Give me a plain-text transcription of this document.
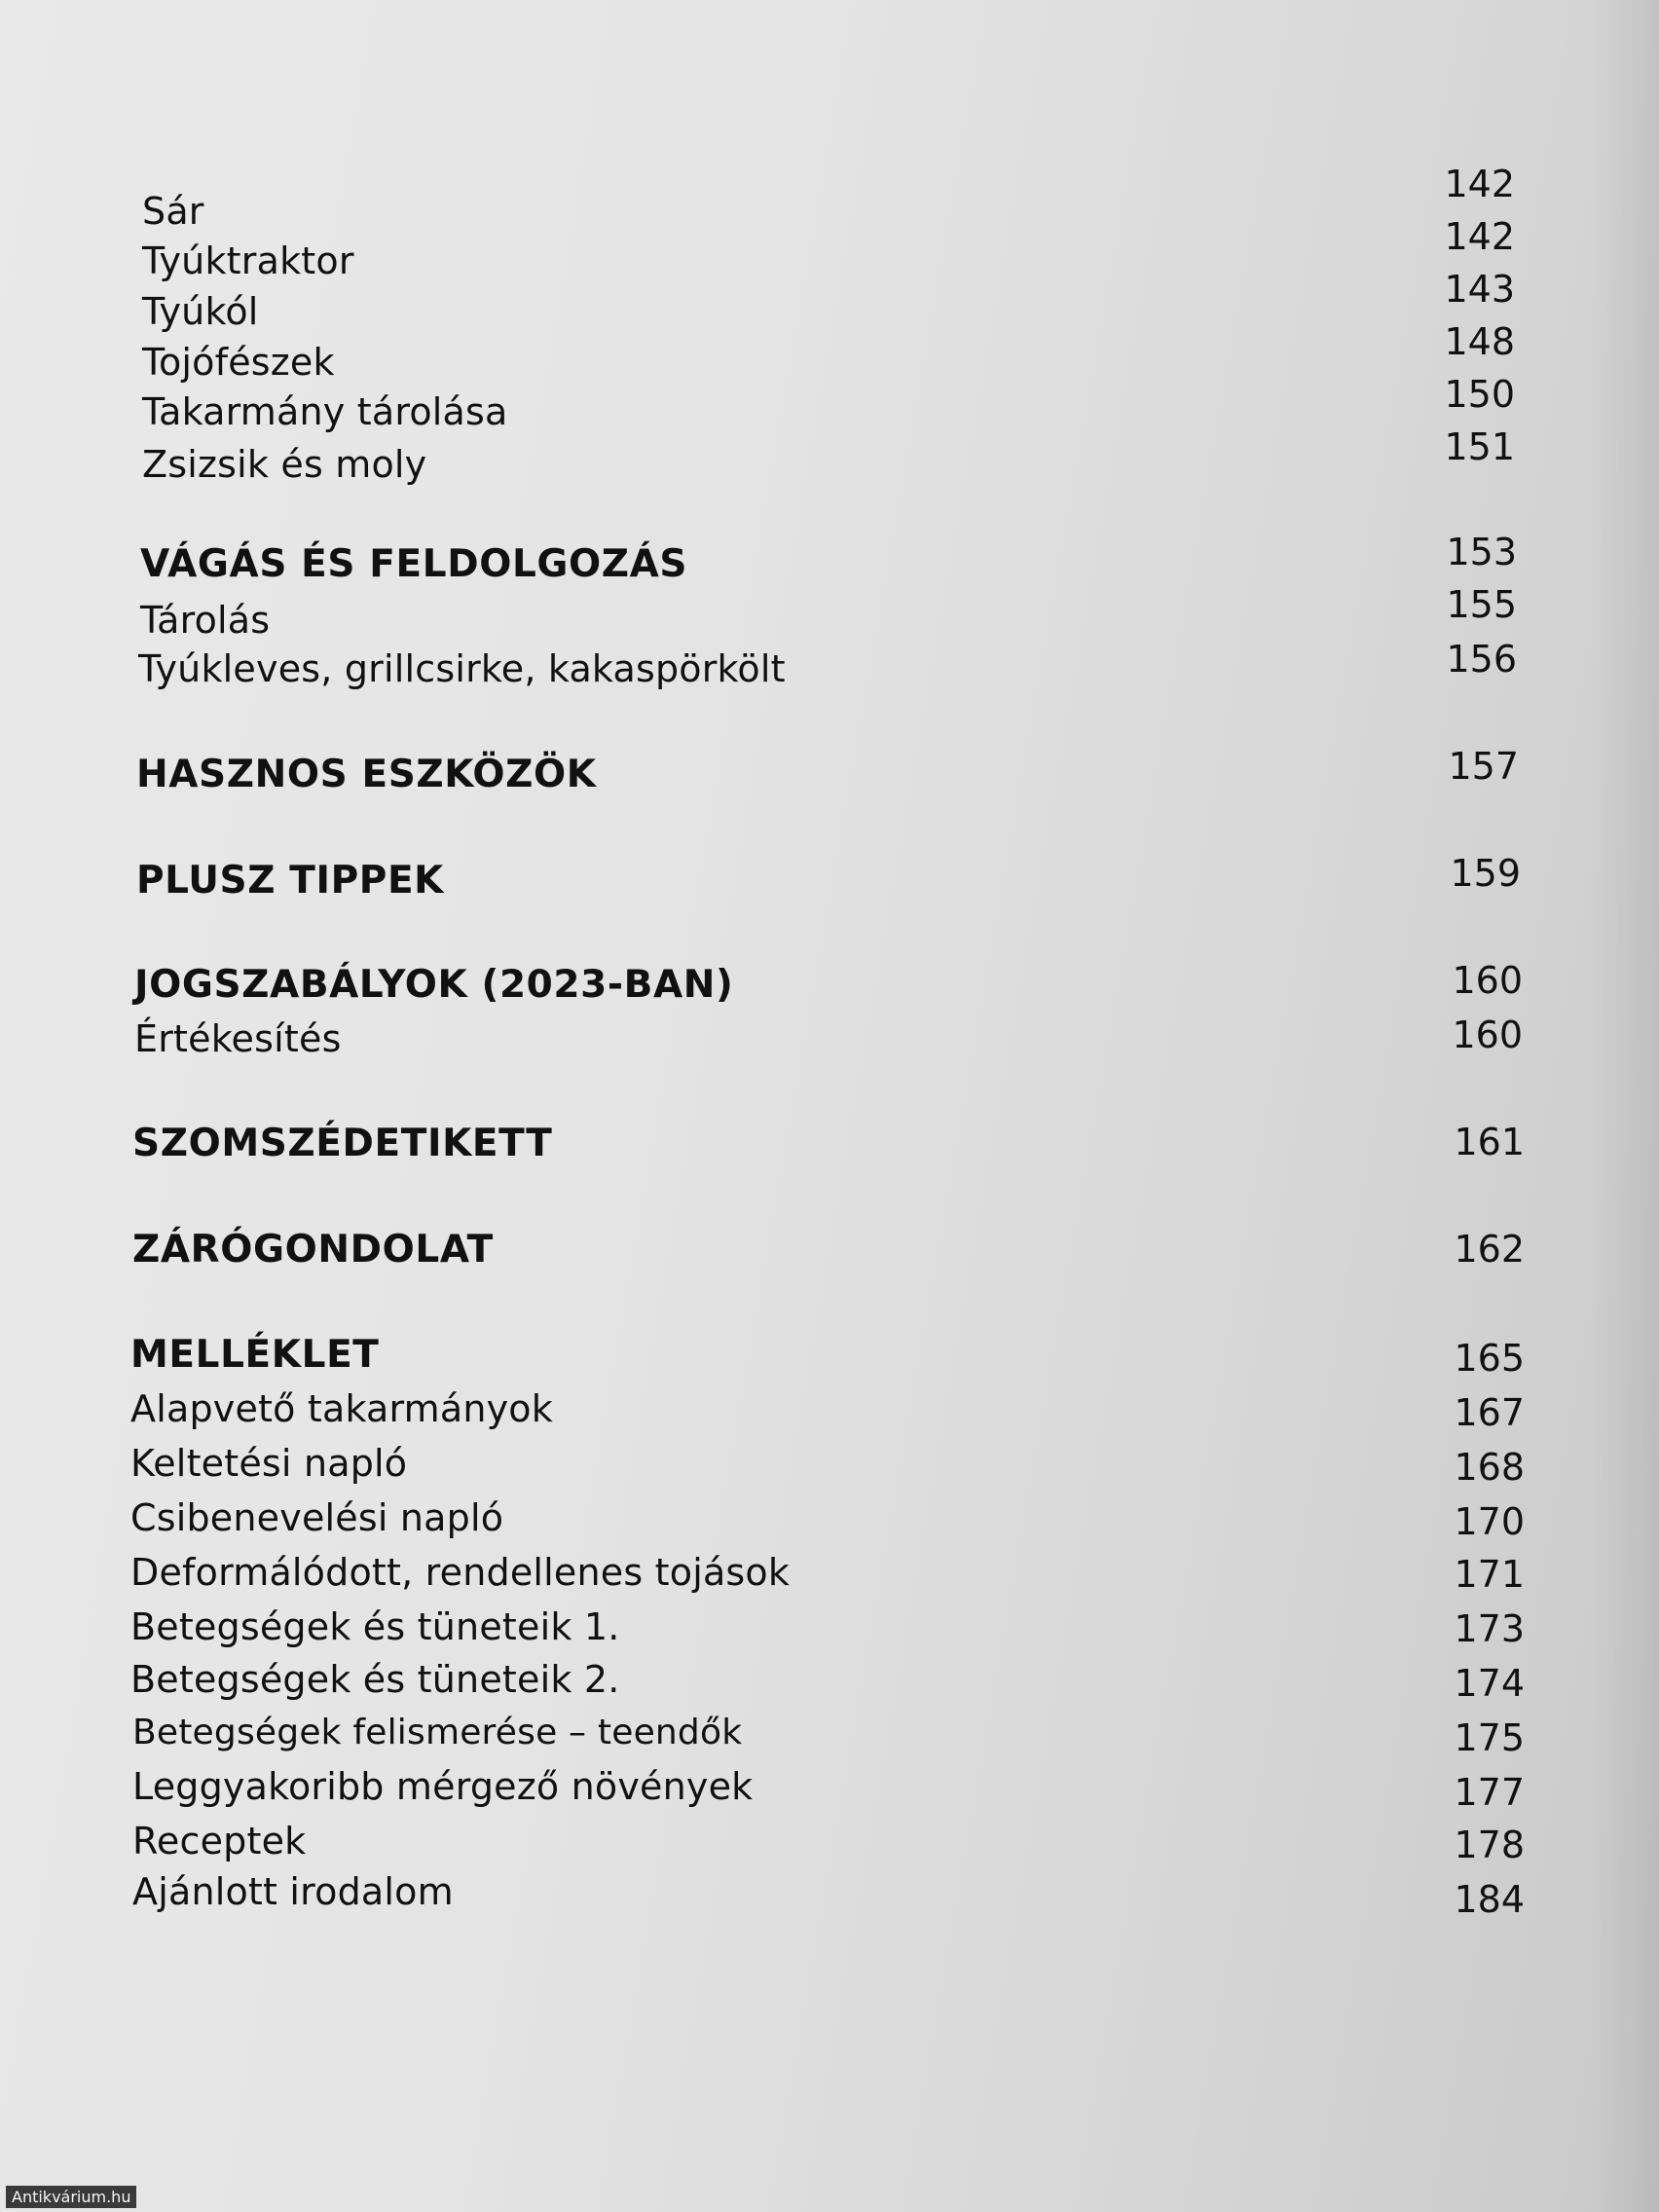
Sár
Tyúktraktor
Tyúkól
Tojófészek
Takarmány tárolása
Zsizsik és moly
VÁGÁS ÉS FELDOLGOZÁS
Tárolás
Tyúkleves, grillcsirke, kakaspörkölt
HASZNOS ESZKÖZÖK
PLUSZ TIPPEK
JOGSZABÁLYOK (2023-BAN)
Értékesítés
SZOMSZÉDETIKETT
ZÁRÓGONDOLAT
MELLÉKLET
Alapvető takarmányok
Keltetési napló
Csibenevelési napló
Deformálódott, rendellenes tojások
Betegségek és tüneteik 1.
Betegségek és tüneteik 2.
Betegségek felismerése – teendők
Leggyakoribb mérgező növények
Receptek
Ajánlott irodalom
142
142
143
148
150
151
153
155
156
157
159
160
160
161
162
165
167
168
170
171
173
174
175
177
178
184
Antikvárium.hu
